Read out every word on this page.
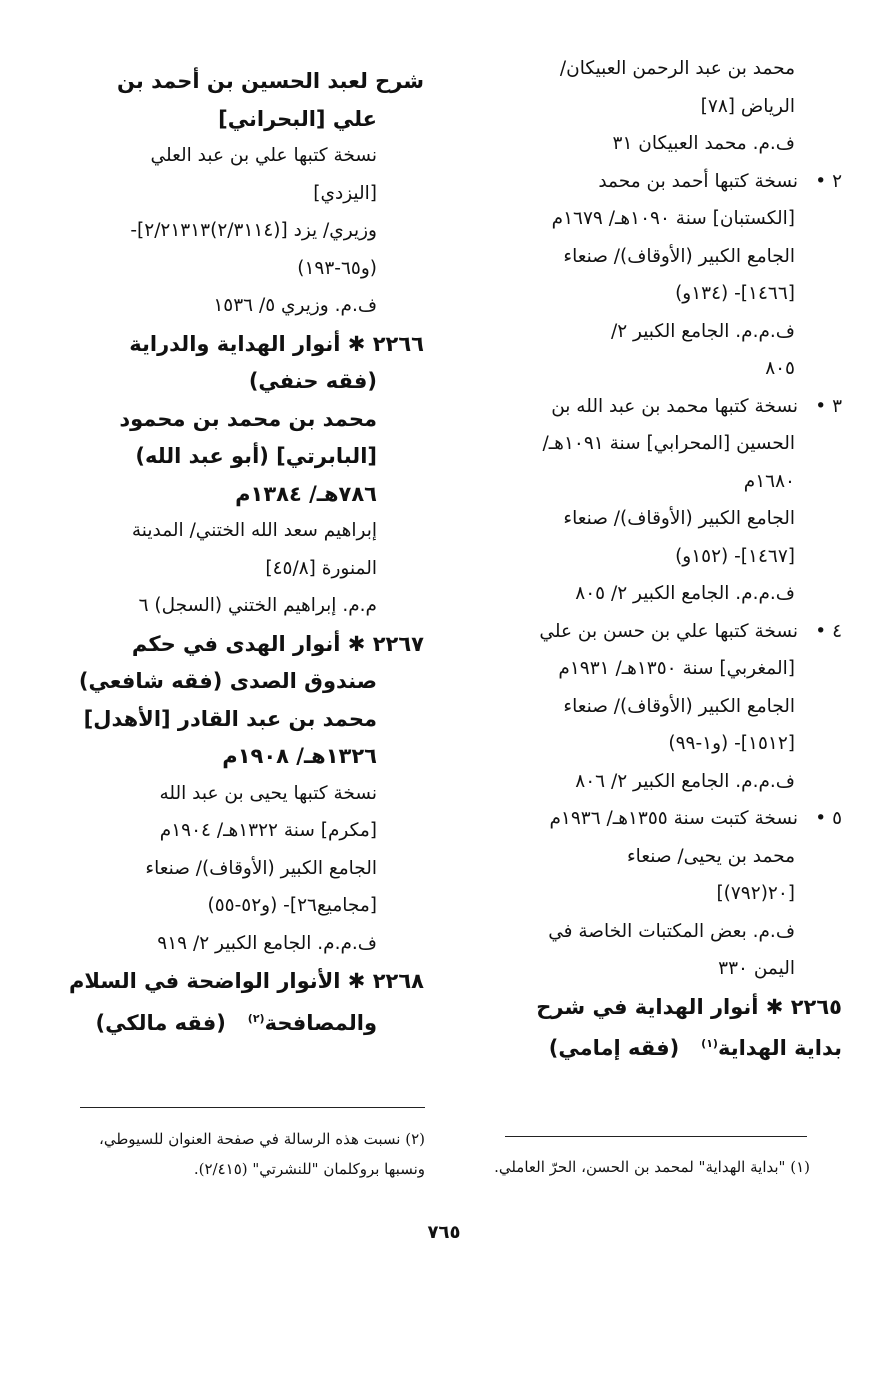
محمد بن عبد الرحمن العبيكان/
الرياض [٧٨]
ف.م. محمد العبيكان ٣١
٢ •نسخة كتبها أحمد بن محمد
[الكستبان] سنة ١٠٩٠هـ/ ١٦٧٩م
الجامع الكبير (الأوقاف)/ صنعاء
[١٤٦٦]- (١٣٤و)
ف.م.م. الجامع الكبير ٢/
٨٠٥
٣ •نسخة كتبها محمد بن عبد الله بن
الحسين [المحرابي] سنة ١٠٩١هـ/
١٦٨٠م
الجامع الكبير (الأوقاف)/ صنعاء
[١٤٦٧]- (١٥٢و)
ف.م.م. الجامع الكبير ٢/ ٨٠٥
٤ •نسخة كتبها علي بن حسن بن علي
[المغربي] سنة ١٣٥٠هـ/ ١٩٣١م
الجامع الكبير (الأوقاف)/ صنعاء
[١٥١٢]- (و١-٩٩)
ف.م.م. الجامع الكبير ٢/ ٨٠٦
٥ •نسخة كتبت سنة ١٣٥٥هـ/ ١٩٣٦م
محمد بن يحيى/ صنعاء
[٢٠(٧٩٢)]
ف.م. بعض المكتبات الخاصة في
اليمن ٣٣٠
٢٢٦٥ ✱ أنوار الهداية في شرح
بداية الهداية$^{(١)}$   (فقه إمامي)
شرح لعبد الحسين بن أحمد بن
علي [البحراني]
نسخة كتبها علي بن عبد العلي
[اليزدي]
وزيري/ يزد [(٢/٣١١٤)٢/٢١٣١٣]-
(و٦٥-١٩٣)
ف.م. وزيري ٥/ ١٥٣٦
٢٢٦٦ ✱ أنوار الهداية والدراية
(فقه حنفي)
محمد بن محمد بن محمود
[البابرتي] (أبو عبد الله)
٧٨٦هـ/ ١٣٨٤م
إبراهيم سعد الله الختني/ المدينة
المنورة [٤٥/٨]
م.م. إبراهيم الختني (السجل) ٦
٢٢٦٧ ✱ أنوار الهدى في حكم
صندوق الصدى (فقه شافعي)
محمد بن عبد القادر [الأهدل]
١٣٢٦هـ/ ١٩٠٨م
نسخة كتبها يحيى بن عبد الله
[مكرم] سنة ١٣٢٢هـ/ ١٩٠٤م
الجامع الكبير (الأوقاف)/ صنعاء
[مجاميع٢٦]- (و٥٢-٥٥)
ف.م.م. الجامع الكبير ٢/ ٩١٩
٢٢٦٨ ✱ الأنوار الواضحة في السلام
والمصافحة$^{(٢)}$   (فقه مالكي)
(١) "بداية الهداية" لمحمد بن الحسن، الحرّ العاملي.
(٢) نسبت هذه الرسالة في صفحة العنوان للسيوطي،
ونسبها بروكلمان "للنشرتي" (٢/٤١٥).
٧٦٥
